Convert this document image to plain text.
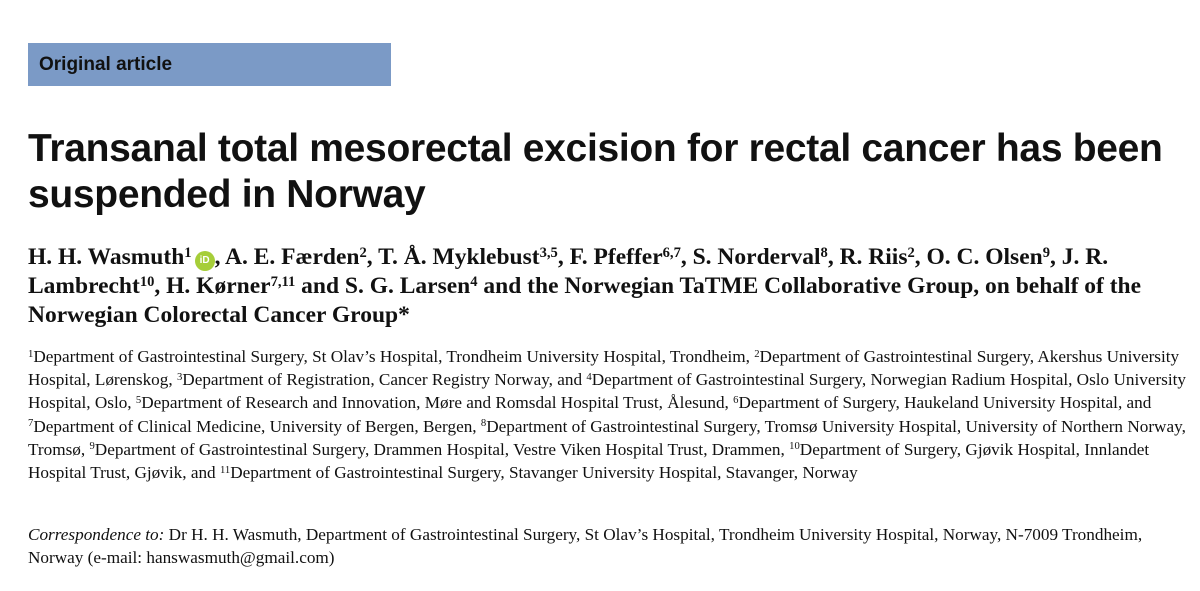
Original article
Transanal total mesorectal excision for rectal cancer has been suspended in Norway

H. H. Wasmuth$^1$ iD , A. E. Færden$^2$, T. Å. Myklebust$^{3,5}$, F. Pfeffer$^{6,7}$, S. Norderval$^8$, R. Riis$^2$, O. C. Olsen$^9$, J. R. Lambrecht$^{10}$, H. Kørner$^{7,11}$ and S. G. Larsen$^4$ and the Norwegian TaTME Collaborative Group, on behalf of the Norwegian Colorectal Cancer Group*

$^1$Department of Gastrointestinal Surgery, St Olav’s Hospital, Trondheim University Hospital, Trondheim, $^2$Department of Gastrointestinal Surgery, Akershus University Hospital, Lørenskog, $^3$Department of Registration, Cancer Registry Norway, and $^4$Department of Gastrointestinal Surgery, Norwegian Radium Hospital, Oslo University Hospital, Oslo, $^5$Department of Research and Innovation, Møre and Romsdal Hospital Trust, Ålesund, $^6$Department of Surgery, Haukeland University Hospital, and $^7$Department of Clinical Medicine, University of Bergen, Bergen, $^8$Department of Gastrointestinal Surgery, Tromsø University Hospital, University of Northern Norway, Tromsø, $^9$Department of Gastrointestinal Surgery, Drammen Hospital, Vestre Viken Hospital Trust, Drammen, $^{10}$Department of Surgery, Gjøvik Hospital, Innlandet Hospital Trust, Gjøvik, and $^{11}$Department of Gastrointestinal Surgery, Stavanger University Hospital, Stavanger, Norway

Correspondence to: Dr H. H. Wasmuth, Department of Gastrointestinal Surgery, St Olav’s Hospital, Trondheim University Hospital, Norway, N-7009 Trondheim, Norway (e-mail: hanswasmuth@gmail.com)
